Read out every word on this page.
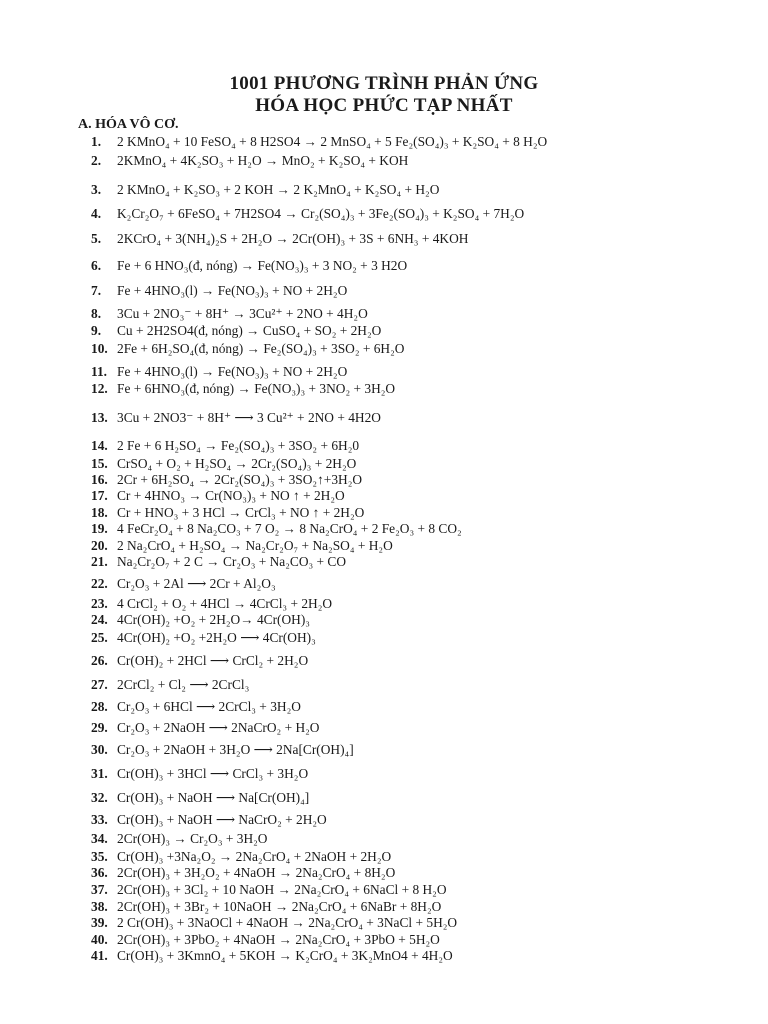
1001 PHƯƠNG TRÌNH PHẢN ỨNG
HÓA HỌC PHỨC TẠP NHẤT
A. HÓA VÔ CƠ.
1. 2 KMnO₄ + 10 FeSO₄ + 8 H2SO4 → 2 MnSO₄ + 5 Fe₂(SO₄)₃ + K₂SO₄ + 8 H₂O
2. 2KMnO₄ + 4K₂SO₃ + H₂O → MnO₂ + K₂SO₄ + KOH
3. 2 KMnO₄ + K₂SO₃ + 2 KOH → 2 K₂MnO₄ + K₂SO₄ + H₂O
4. K₂Cr₂O₇ + 6FeSO₄ + 7H2SO4 → Cr₂(SO₄)₃ + 3Fe₂(SO₄)₃ + K₂SO₄ + 7H₂O
5. 2KCrO₄ + 3(NH₄)₂S + 2H₂O → 2Cr(OH)₃ + 3S + 6NH₃ + 4KOH
6. Fe + 6 HNO₃(đ, nóng) → Fe(NO₃)₃ + 3 NO₂ + 3 H2O
7. Fe + 4HNO₃(l) → Fe(NO₃)₃ + NO + 2H₂O
8. 3Cu + 2NO₃⁻ + 8H⁺ → 3Cu²⁺ + 2NO + 4H₂O
9. Cu + 2H2SO4(đ, nóng) → CuSO₄ + SO₂ + 2H₂O
10. 2Fe + 6H₂SO₄(đ, nóng) → Fe₂(SO₄)₃ + 3SO₂ + 6H₂O
11. Fe + 4HNO₃(l) → Fe(NO₃)₃ + NO + 2H₂O
12. Fe + 6HNO₃(đ, nóng) → Fe(NO₃)₃ + 3NO₂ + 3H₂O
13. 3Cu + 2NO3⁻ + 8H⁺ ⟶ 3 Cu²⁺ + 2NO + 4H2O
14. 2 Fe + 6 H₂SO₄ → Fe₂(SO₄)₃ + 3SO₂ + 6H₂0
15. CrSO₄ + O₂ + H₂SO₄ → 2Cr₂(SO₄)₃ + 2H₂O
16. 2Cr + 6H₂SO₄ → 2Cr₂(SO₄)₃ + 3SO₂↑+3H₂O
17. Cr + 4HNO₃ → Cr(NO₃)₃ + NO ↑ + 2H₂O
18. Cr + HNO₃ + 3 HCl → CrCl₃ + NO ↑ + 2H₂O
19. 4 FeCr₂O₄ + 8 Na₂CO₃ + 7 O₂ → 8 Na₂CrO₄ + 2 Fe₂O₃ + 8 CO₂
20. 2 Na₂CrO₄ + H₂SO₄ → Na₂Cr₂O₇ + Na₂SO₄ + H₂O
21. Na₂Cr₂O₇ + 2 C → Cr₂O₃ + Na₂CO₃ + CO
22. Cr₂O₃ + 2Al ⟶ 2Cr + Al₂O₃
23. 4 CrCl₂ + O₂ + 4HCl → 4CrCl₃ + 2H₂O
24. 4Cr(OH)₂ +O₂ + 2H₂O→ 4Cr(OH)₃
25. 4Cr(OH)₂ +O₂ +2H₂O ⟶ 4Cr(OH)₃
26. Cr(OH)₂ + 2HCl ⟶ CrCl₂ + 2H₂O
27. 2CrCl₂ + Cl₂ ⟶ 2CrCl₃
28. Cr₂O₃ + 6HCl ⟶ 2CrCl₃ + 3H₂O
29. Cr₂O₃ + 2NaOH ⟶ 2NaCrO₂ + H₂O
30. Cr₂O₃ + 2NaOH + 3H₂O ⟶ 2Na[Cr(OH)₄]
31. Cr(OH)₃ + 3HCl ⟶ CrCl₃ + 3H₂O
32. Cr(OH)₃ + NaOH ⟶ Na[Cr(OH)₄]
33. Cr(OH)₃ + NaOH ⟶ NaCrO₂ + 2H₂O
34. 2Cr(OH)₃ → Cr₂O₃ + 3H₂O
35. Cr(OH)₃ +3Na₂O₂ → 2Na₂CrO₄ + 2NaOH + 2H₂O
36. 2Cr(OH)₃ + 3H₂O₂ + 4NaOH → 2Na₂CrO₄ + 8H₂O
37. 2Cr(OH)₃ + 3Cl₂ + 10 NaOH → 2Na₂CrO₄ + 6NaCl + 8 H₂O
38. 2Cr(OH)₃ + 3Br₂ + 10NaOH → 2Na₂CrO₄ + 6NaBr + 8H₂O
39. 2 Cr(OH)₃ + 3NaOCl + 4NaOH → 2Na₂CrO₄ + 3NaCl + 5H₂O
40. 2Cr(OH)₃ + 3PbO₂ + 4NaOH → 2Na₂CrO₄ + 3PbO + 5H₂O
41. Cr(OH)₃ + 3KmnO₄ + 5KOH → K₂CrO₄ + 3K₂MnO4 + 4H₂O
